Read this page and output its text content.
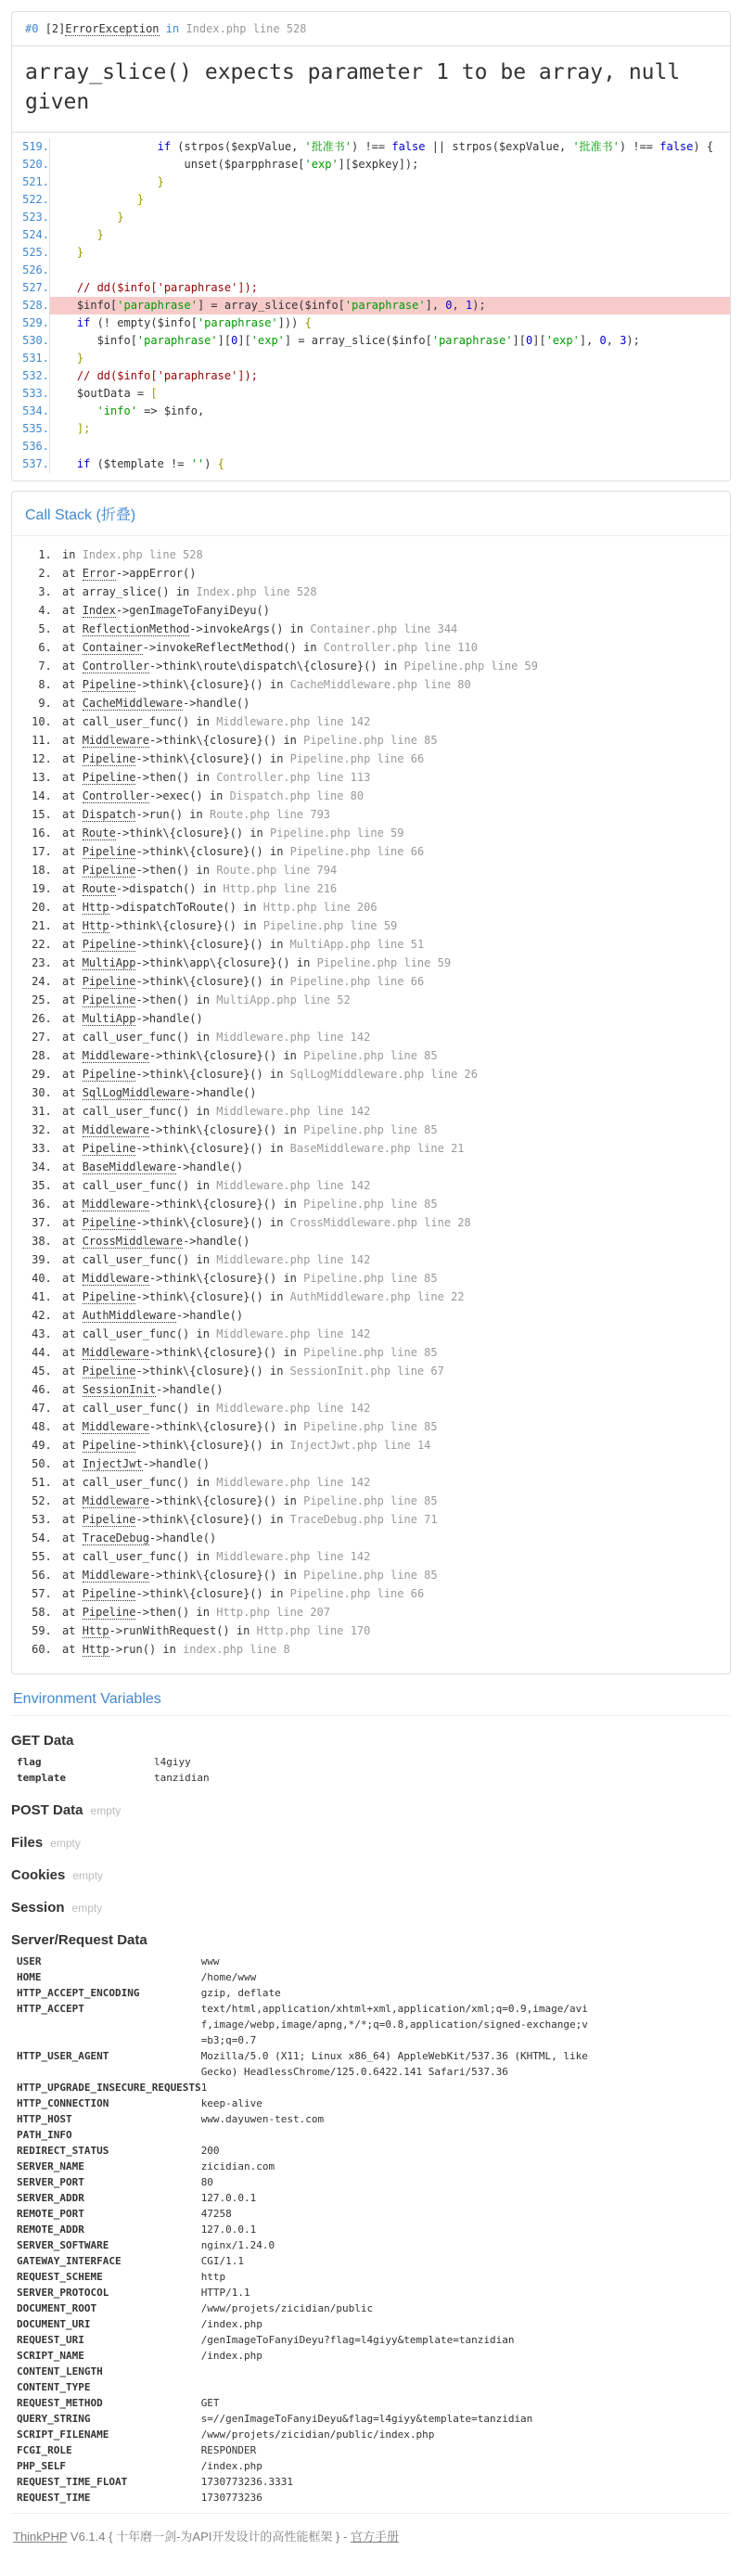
#0 [2]ErrorException in Index.php line 528
array_slice() expects parameter 1 to be array, null given
519.	if (strpos($expValue, '批准书') !== false || strpos($expValue, '批准书') !== false) {
520.	unset($parpphrase['exp'][$expkey]);
521.	}
522.	}
523.	}
524.	}
525.	}
526.	
527.	// dd($info['paraphrase']);
528.	$info['paraphrase'] = array_slice($info['paraphrase'], 0, 1);
529.	if (! empty($info['paraphrase'])) {
530.	$info['paraphrase'][0]['exp'] = array_slice($info['paraphrase'][0]['exp'], 0, 3);
531.	}
532.	// dd($info['paraphrase']);
533.	$outData = [
534.	'info' => $info,
535.	];
536.	
537.	if ($template != '') {
Call Stack (折叠)
1. in Index.php line 528
2. at Error->appError()
3. at array_slice() in Index.php line 528
4. at Index->genImageToFanyiDeyu()
5. at ReflectionMethod->invokeArgs() in Container.php line 344
6. at Container->invokeReflectMethod() in Controller.php line 110
7. at Controller->think\route\dispatch\{closure}() in Pipeline.php line 59
8. at Pipeline->think\{closure}() in CacheMiddleware.php line 80
9. at CacheMiddleware->handle()
10. at call_user_func() in Middleware.php line 142
11. at Middleware->think\{closure}() in Pipeline.php line 85
12. at Pipeline->think\{closure}() in Pipeline.php line 66
13. at Pipeline->then() in Controller.php line 113
14. at Controller->exec() in Dispatch.php line 80
15. at Dispatch->run() in Route.php line 793
16. at Route->think\{closure}() in Pipeline.php line 59
17. at Pipeline->think\{closure}() in Pipeline.php line 66
18. at Pipeline->then() in Route.php line 794
19. at Route->dispatch() in Http.php line 216
20. at Http->dispatchToRoute() in Http.php line 206
21. at Http->think\{closure}() in Pipeline.php line 59
22. at Pipeline->think\{closure}() in MultiApp.php line 51
23. at MultiApp->think\app\{closure}() in Pipeline.php line 59
24. at Pipeline->think\{closure}() in Pipeline.php line 66
25. at Pipeline->then() in MultiApp.php line 52
26. at MultiApp->handle()
27. at call_user_func() in Middleware.php line 142
28. at Middleware->think\{closure}() in Pipeline.php line 85
29. at Pipeline->think\{closure}() in SqlLogMiddleware.php line 26
30. at SqlLogMiddleware->handle()
31. at call_user_func() in Middleware.php line 142
32. at Middleware->think\{closure}() in Pipeline.php line 85
33. at Pipeline->think\{closure}() in BaseMiddleware.php line 21
34. at BaseMiddleware->handle()
35. at call_user_func() in Middleware.php line 142
36. at Middleware->think\{closure}() in Pipeline.php line 85
37. at Pipeline->think\{closure}() in CrossMiddleware.php line 28
38. at CrossMiddleware->handle()
39. at call_user_func() in Middleware.php line 142
40. at Middleware->think\{closure}() in Pipeline.php line 85
41. at Pipeline->think\{closure}() in AuthMiddleware.php line 22
42. at AuthMiddleware->handle()
43. at call_user_func() in Middleware.php line 142
44. at Middleware->think\{closure}() in Pipeline.php line 85
45. at Pipeline->think\{closure}() in SessionInit.php line 67
46. at SessionInit->handle()
47. at call_user_func() in Middleware.php line 142
48. at Middleware->think\{closure}() in Pipeline.php line 85
49. at Pipeline->think\{closure}() in InjectJwt.php line 14
50. at InjectJwt->handle()
51. at call_user_func() in Middleware.php line 142
52. at Middleware->think\{closure}() in Pipeline.php line 85
53. at Pipeline->think\{closure}() in TraceDebug.php line 71
54. at TraceDebug->handle()
55. at call_user_func() in Middleware.php line 142
56. at Middleware->think\{closure}() in Pipeline.php line 85
57. at Pipeline->think\{closure}() in Pipeline.php line 66
58. at Pipeline->then() in Http.php line 207
59. at Http->runWithRequest() in Http.php line 170
60. at Http->run() in index.php line 8
Environment Variables
GET Data
flag	l4giyy
template	tanzidian
POST Data empty
Files empty
Cookies empty
Session empty
Server/Request Data
USER	www
HOME	/home/www
HTTP_ACCEPT_ENCODING	gzip, deflate
HTTP_ACCEPT	text/html,application/xhtml+xml,application/xml;q=0.9,image/avif,image/webp,image/apng,*/*;q=0.8,application/signed-exchange;v=b3;q=0.7
HTTP_USER_AGENT	Mozilla/5.0 (X11; Linux x86_64) AppleWebKit/537.36 (KHTML, like Gecko) HeadlessChrome/125.0.6422.141 Safari/537.36
HTTP_UPGRADE_INSECURE_REQUESTS	1
HTTP_CONNECTION	keep-alive
HTTP_HOST	www.dayuwen-test.com
PATH_INFO	
REDIRECT_STATUS	200
SERVER_NAME	zicidian.com
SERVER_PORT	80
SERVER_ADDR	127.0.0.1
REMOTE_PORT	47258
REMOTE_ADDR	127.0.0.1
SERVER_SOFTWARE	nginx/1.24.0
GATEWAY_INTERFACE	CGI/1.1
REQUEST_SCHEME	http
SERVER_PROTOCOL	HTTP/1.1
DOCUMENT_ROOT	/www/projets/zicidian/public
DOCUMENT_URI	/index.php
REQUEST_URI	/genImageToFanyiDeyu?flag=l4giyy&template=tanzidian
SCRIPT_NAME	/index.php
CONTENT_LENGTH	
CONTENT_TYPE	
REQUEST_METHOD	GET
QUERY_STRING	s=//genImageToFanyiDeyu&flag=l4giyy&template=tanzidian
SCRIPT_FILENAME	/www/projets/zicidian/public/index.php
FCGI_ROLE	RESPONDER
PHP_SELF	/index.php
REQUEST_TIME_FLOAT	1730773236.3331
REQUEST_TIME	1730773236
ThinkPHP V6.1.4 { 十年磨一剑-为API开发设计的高性能框架 } - 官方手册
